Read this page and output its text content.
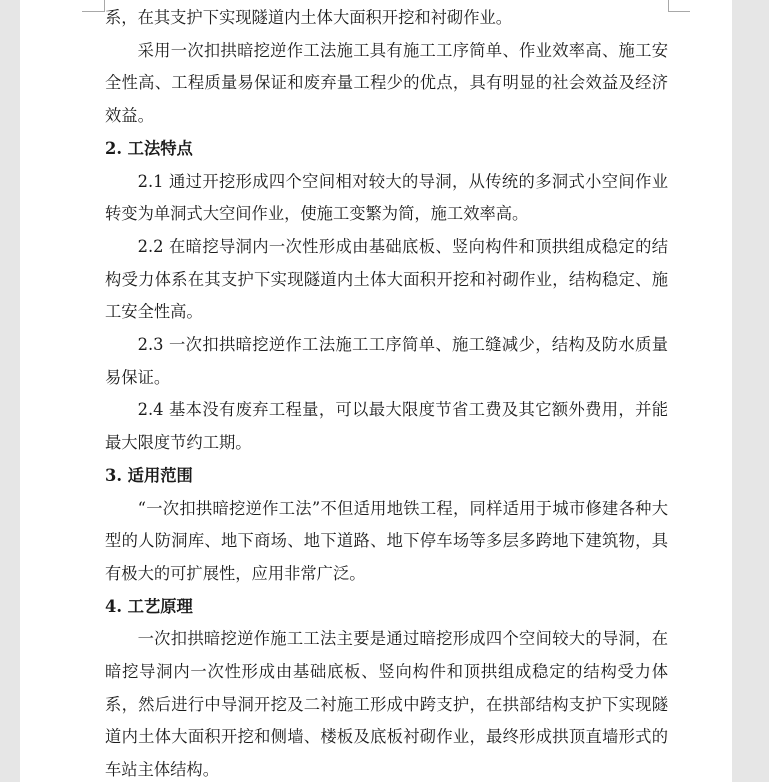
系，在其支护下实现隧道内土体大面积开挖和衬砌作业。

采用一次扣拱暗挖逆作工法施工具有施工工序简单、作业效率高、施工安全性高、工程质量易保证和废弃量工程少的优点，具有明显的社会效益及经济效益。

2. 工法特点

2.1 通过开挖形成四个空间相对较大的导洞，从传统的多洞式小空间作业转变为单洞式大空间作业，使施工变繁为简，施工效率高。

2.2 在暗挖导洞内一次性形成由基础底板、竖向构件和顶拱组成稳定的结构受力体系在其支护下实现隧道内土体大面积开挖和衬砌作业，结构稳定、施工安全性高。

2.3 一次扣拱暗挖逆作工法施工工序简单、施工缝减少，结构及防水质量易保证。

2.4 基本没有废弃工程量，可以最大限度节省工费及其它额外费用，并能最大限度节约工期。

3. 适用范围

“一次扣拱暗挖逆作工法”不但适用地铁工程，同样适用于城市修建各种大型的人防洞库、地下商场、地下道路、地下停车场等多层多跨地下建筑物，具有极大的可扩展性，应用非常广泛。

4. 工艺原理

一次扣拱暗挖逆作施工工法主要是通过暗挖形成四个空间较大的导洞，在暗挖导洞内一次性形成由基础底板、竖向构件和顶拱组成稳定的结构受力体系，然后进行中导洞开挖及二衬施工形成中跨支护，在拱部结构支护下实现隧道内土体大面积开挖和侧墙、楼板及底板衬砌作业，最终形成拱顶直墙形式的车站主体结构。
